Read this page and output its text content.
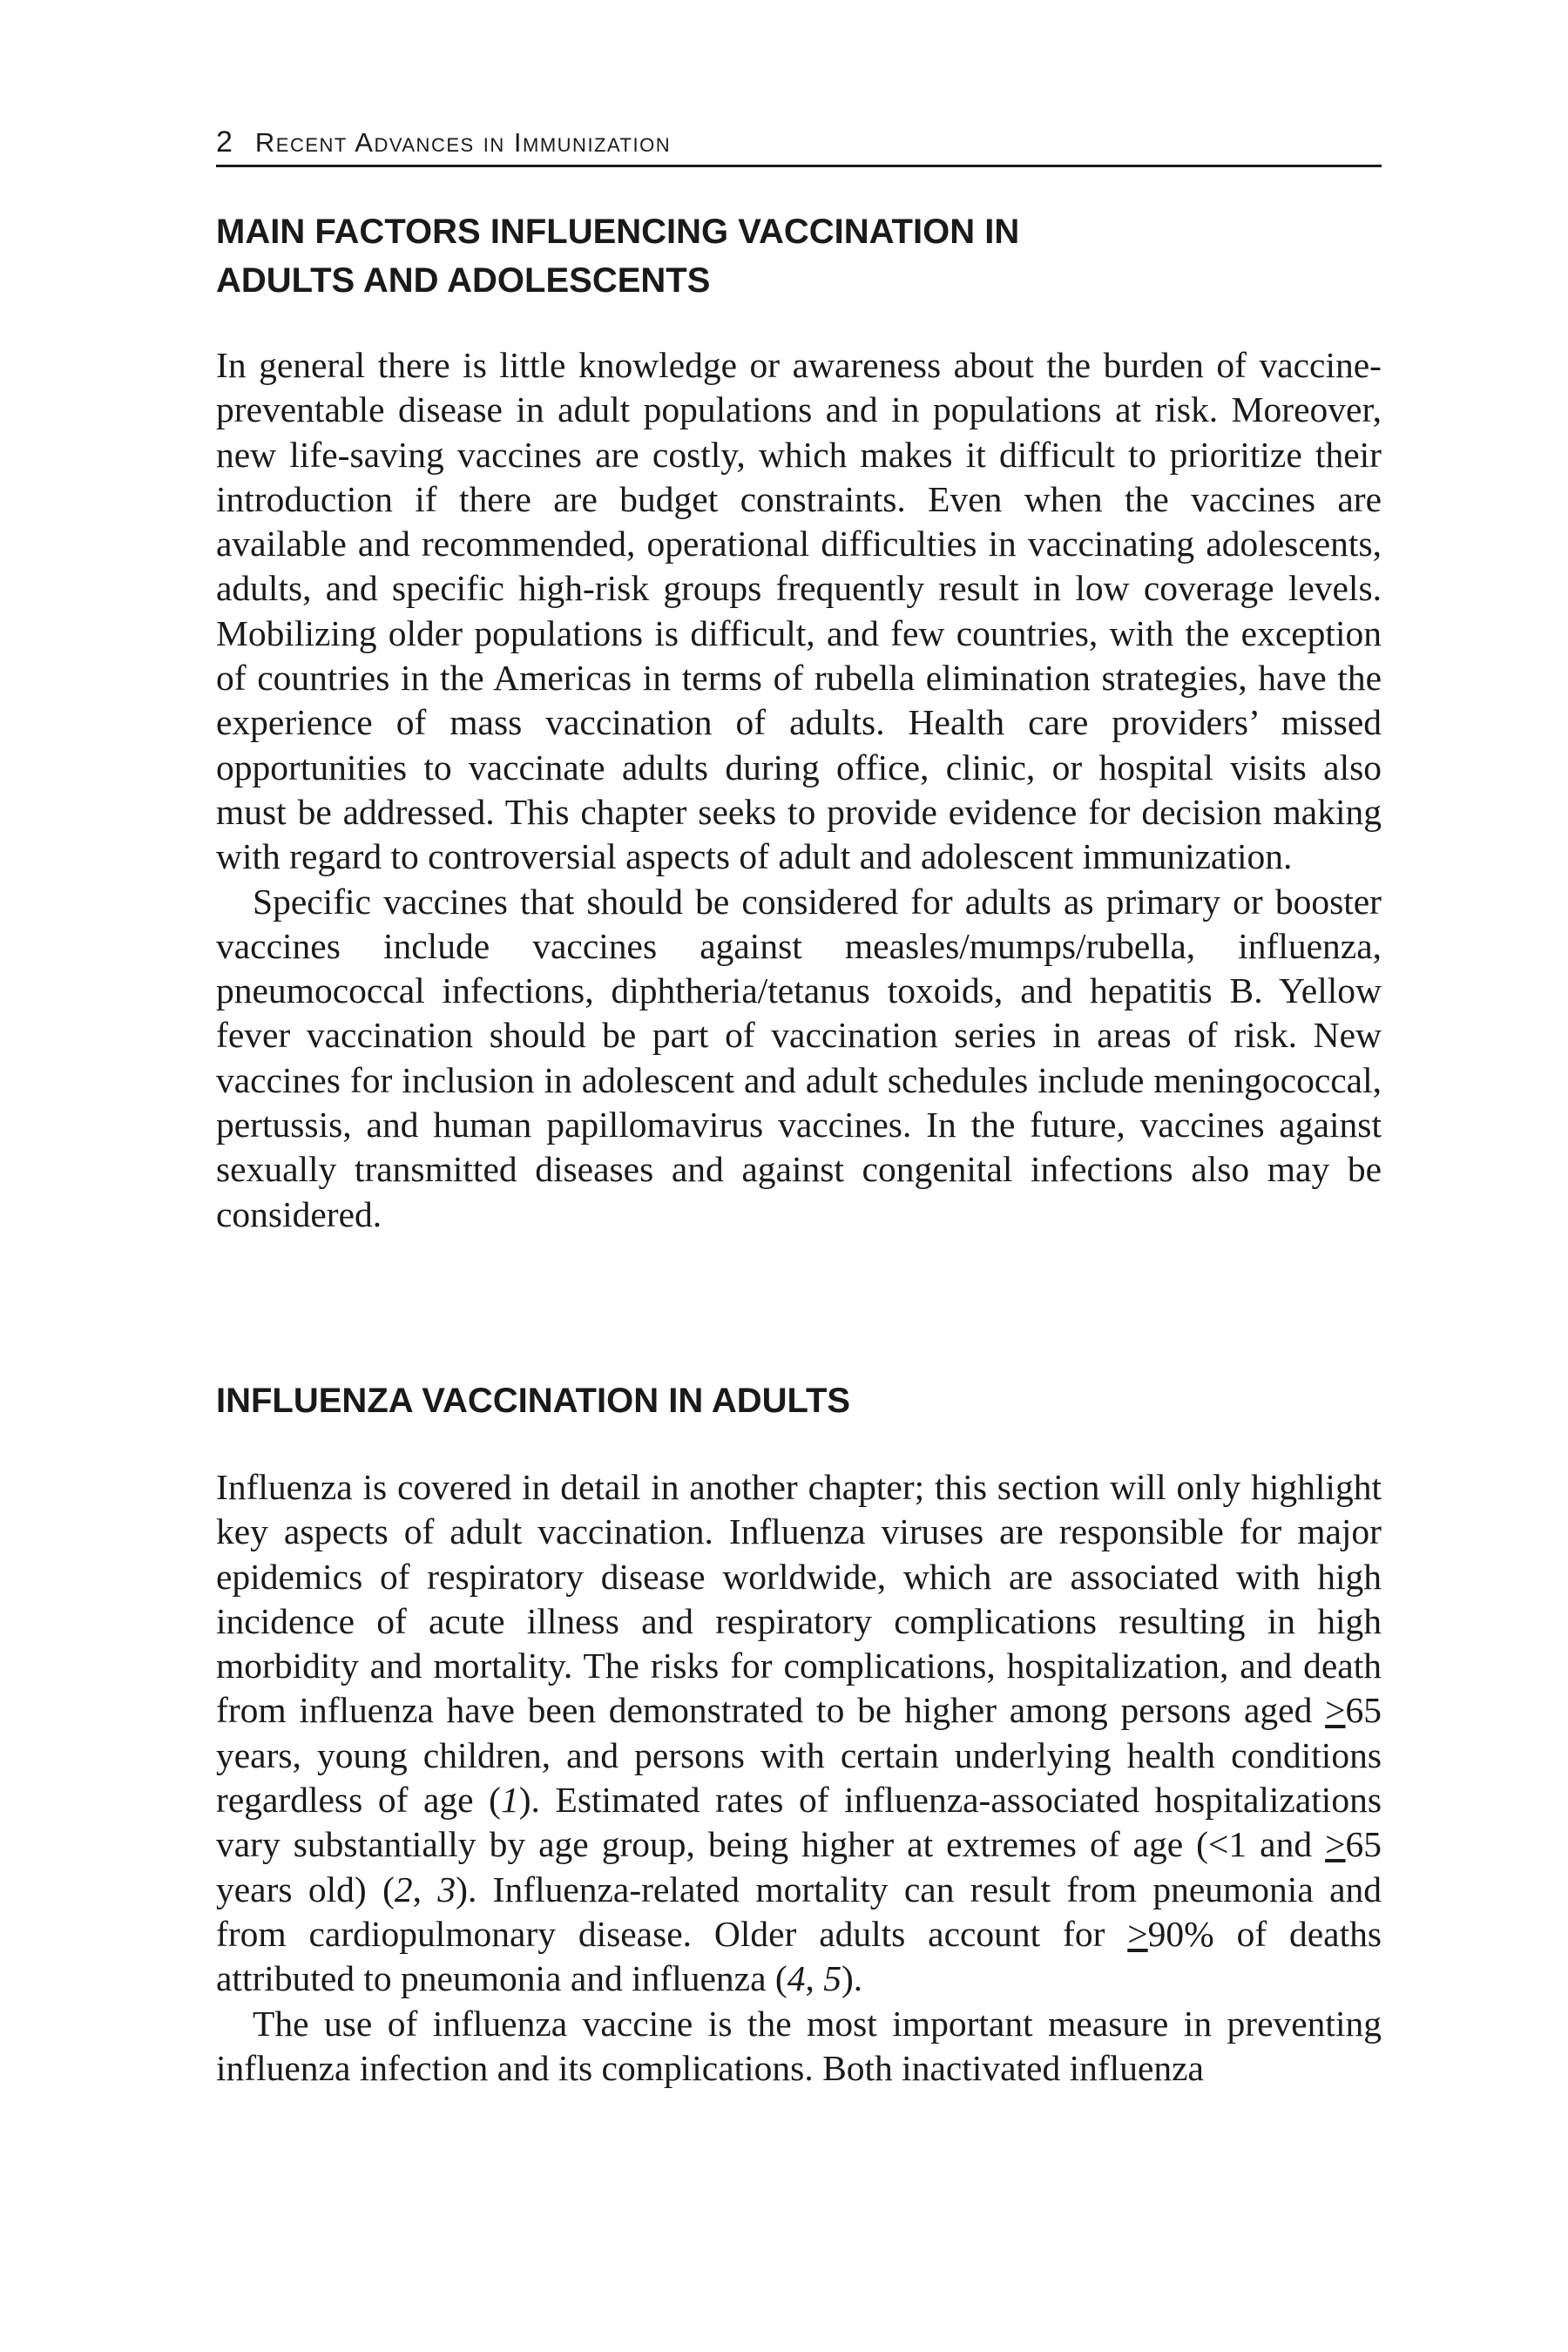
2 Recent Advances in Immunization
MAIN FACTORS INFLUENCING VACCINATION IN
ADULTS AND ADOLESCENTS

In general there is little knowledge or awareness about the burden of vaccine-preventable disease in adult populations and in populations at risk. Moreover, new life-saving vaccines are costly, which makes it difficult to prioritize their introduction if there are budget constraints. Even when the vaccines are available and recommended, operational difficulties in vaccinating adolescents, adults, and specific high-risk groups frequently result in low coverage levels. Mobilizing older populations is difficult, and few countries, with the exception of countries in the Americas in terms of rubella elimination strategies, have the experience of mass vaccination of adults. Health care providers’ missed opportunities to vaccinate adults during office, clinic, or hospital visits also must be addressed. This chapter seeks to provide evidence for decision making with regard to controversial aspects of adult and adolescent immunization.

Specific vaccines that should be considered for adults as primary or booster vaccines include vaccines against measles/mumps/rubella, influenza, pneumococcal infections, diphtheria/tetanus toxoids, and hepatitis B. Yellow fever vaccination should be part of vaccination series in areas of risk. New vaccines for inclusion in adolescent and adult schedules include meningococcal, pertussis, and human papillomavirus vaccines. In the future, vaccines against sexually transmitted diseases and against congenital infections also may be considered.

INFLUENZA VACCINATION IN ADULTS

Influenza is covered in detail in another chapter; this section will only highlight key aspects of adult vaccination. Influenza viruses are responsible for major epidemics of respiratory disease worldwide, which are associated with high incidence of acute illness and respiratory complications resulting in high morbidity and mortality. The risks for complications, hospitalization, and death from influenza have been demonstrated to be higher among persons aged ≥65 years, young children, and persons with certain underlying health conditions regardless of age (1). Estimated rates of influenza-associated hospitalizations vary substantially by age group, being higher at extremes of age (<1 and ≥65 years old) (2, 3). Influenza-related mortality can result from pneumonia and from cardiopulmonary disease. Older adults account for ≥90% of deaths attributed to pneumonia and influenza (4, 5).

The use of influenza vaccine is the most important measure in preventing influenza infection and its complications. Both inactivated influenza
